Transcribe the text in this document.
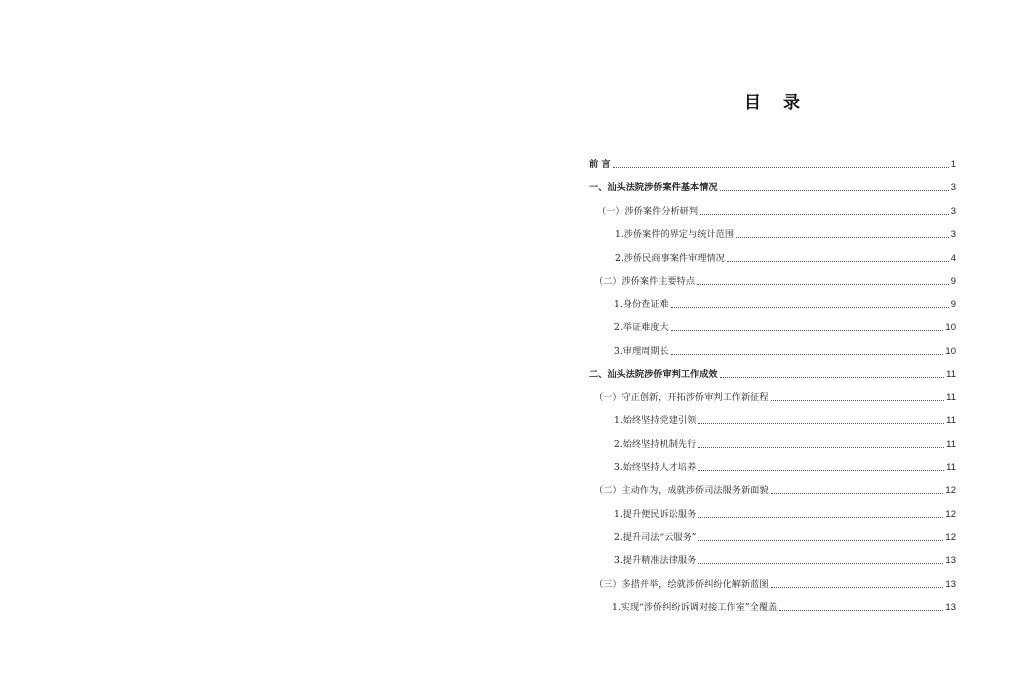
目 录
前 言	1
一、汕头法院涉侨案件基本情况	3
（一）涉侨案件分析研判	3
1.涉侨案件的界定与统计范围	3
2.涉侨民商事案件审理情况	4
（二）涉侨案件主要特点	9
1.身份查证难	9
2.举证难度大	10
3.审理周期长	10
二、汕头法院涉侨审判工作成效	11
（一）守正创新，开拓涉侨审判工作新征程	11
1.始终坚持党建引领	11
2.始终坚持机制先行	11
3.始终坚持人才培养	11
（二）主动作为，成就涉侨司法服务新面貌	12
1.提升便民诉讼服务	12
2.提升司法“云服务”	12
3.提升精准法律服务	13
（三）多措并举，绘就涉侨纠纷化解新蓝图	13
1.实现“涉侨纠纷诉调对接工作室”全覆盖	13
